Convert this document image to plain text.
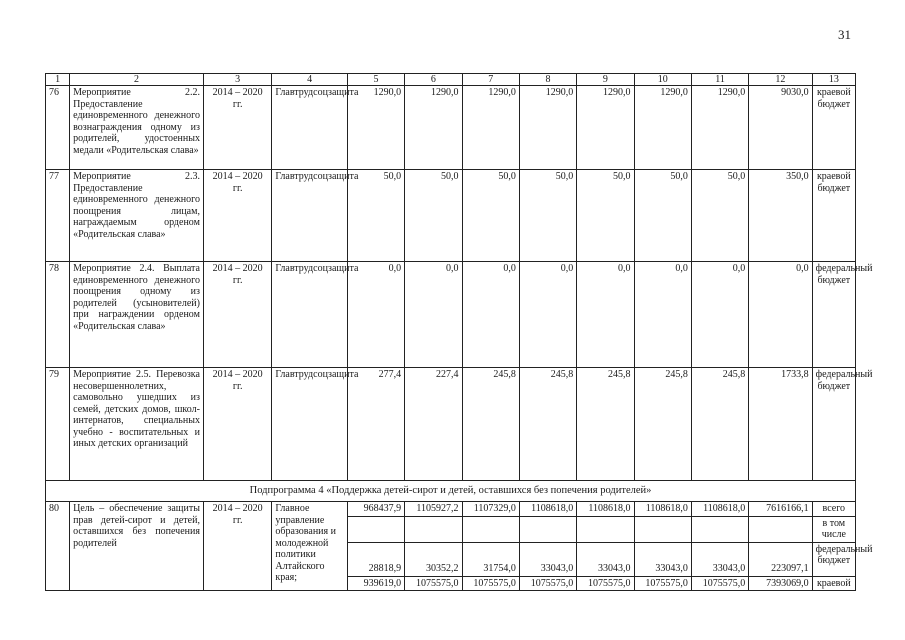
31
1	2	3	4	5	6	7	8	9	10	11	12	13
76	Мероприятие 2.2. Предоставление единовременного денежного вознаграждения одному из родителей, удостоенных медали «Родительская слава»	2014 – 2020 гг.	Главтрудсоцзащита	1290,0	1290,0	1290,0	1290,0	1290,0	1290,0	1290,0	9030,0	краевой бюджет
77	Мероприятие 2.3. Предоставление единовременного денежного поощрения лицам, награждаемым орденом «Родительская слава»	2014 – 2020 гг.	Главтрудсоцзащита	50,0	50,0	50,0	50,0	50,0	50,0	50,0	350,0	краевой бюджет
78	Мероприятие 2.4. Выплата единовременного денежного поощрения одному из родителей (усыновителей) при награждении орденом «Родительская слава»	2014 – 2020 гг.	Главтрудсоцзащита	0,0	0,0	0,0	0,0	0,0	0,0	0,0	0,0	федеральный бюджет
79	Мероприятие 2.5. Перевозка несовершеннолетних, самовольно ушедших из семей, детских домов, школ-интернатов, специальных учебно - воспитательных и иных детских организаций	2014 – 2020 гг.	Главтрудсоцзащита	277,4	227,4	245,8	245,8	245,8	245,8	245,8	1733,8	федеральный бюджет
Подпрограмма 4 «Поддержка детей-сирот и детей, оставшихся без попечения родителей»												
80	Цель – обеспечение защиты прав детей-сирот и детей, оставшихся без попечения родителей	2014 – 2020 гг.	Главное управление образования и молодежной политики Алтайского края;	968437,9	1105927,2	1107329,0	1108618,0	1108618,0	1108618,0	1108618,0	7616166,1	всего
												в том числе
				28818,9	30352,2	31754,0	33043,0	33043,0	33043,0	33043,0	223097,1	федеральный бюджет
				939619,0	1075575,0	1075575,0	1075575,0	1075575,0	1075575,0	1075575,0	7393069,0	краевой
